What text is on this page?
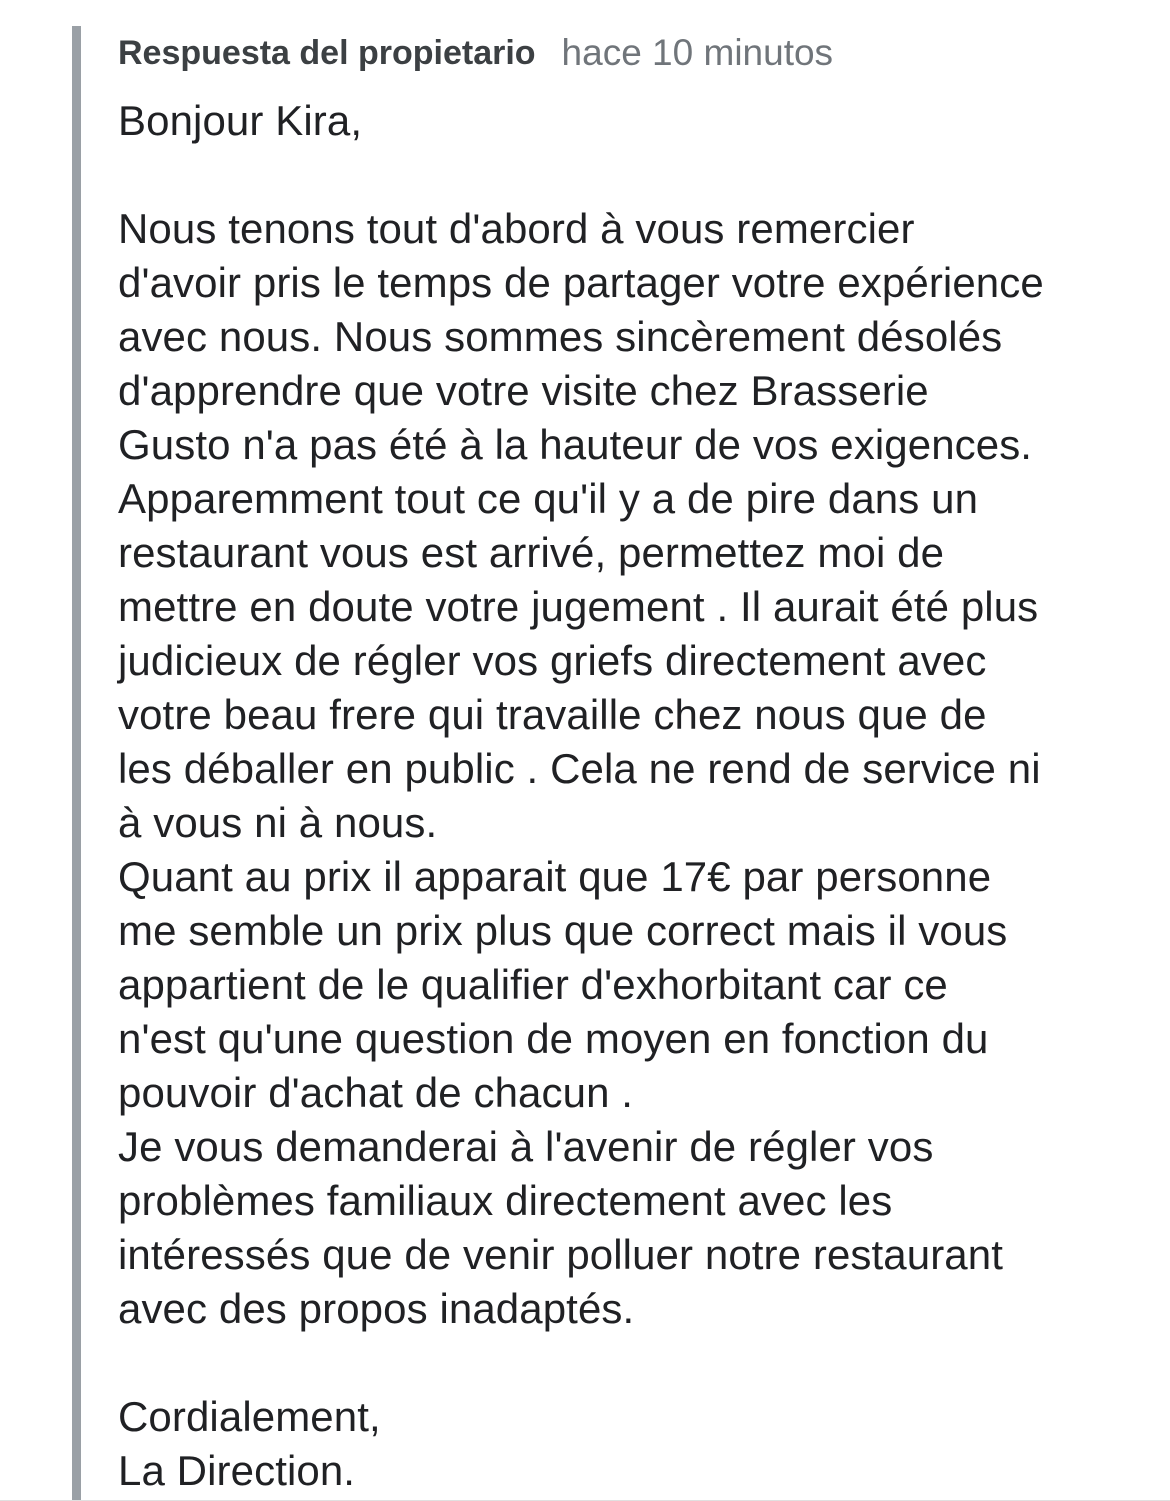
Respuesta del propietario hace 10 minutos
Bonjour Kira,
Nous tenons tout d'abord à vous remercier
d'avoir pris le temps de partager votre expérience
avec nous. Nous sommes sincèrement désolés
d'apprendre que votre visite chez Brasserie
Gusto n'a pas été à la hauteur de vos exigences.
Apparemment tout ce qu'il y a de pire dans un
restaurant vous est arrivé, permettez moi de
mettre en doute votre jugement . Il aurait été plus
judicieux de régler vos griefs directement avec
votre beau frere qui travaille chez nous que de
les déballer en public . Cela ne rend de service ni
à vous ni à nous.
Quant au prix il apparait que 17€ par personne
me semble un prix plus que correct mais il vous
appartient de le qualifier d'exhorbitant car ce
n'est qu'une question de moyen en fonction du
pouvoir d'achat de chacun .
Je vous demanderai à l'avenir de régler vos
problèmes familiaux directement avec les
intéressés que de venir polluer notre restaurant
avec des propos inadaptés.
Cordialement,
La Direction.
